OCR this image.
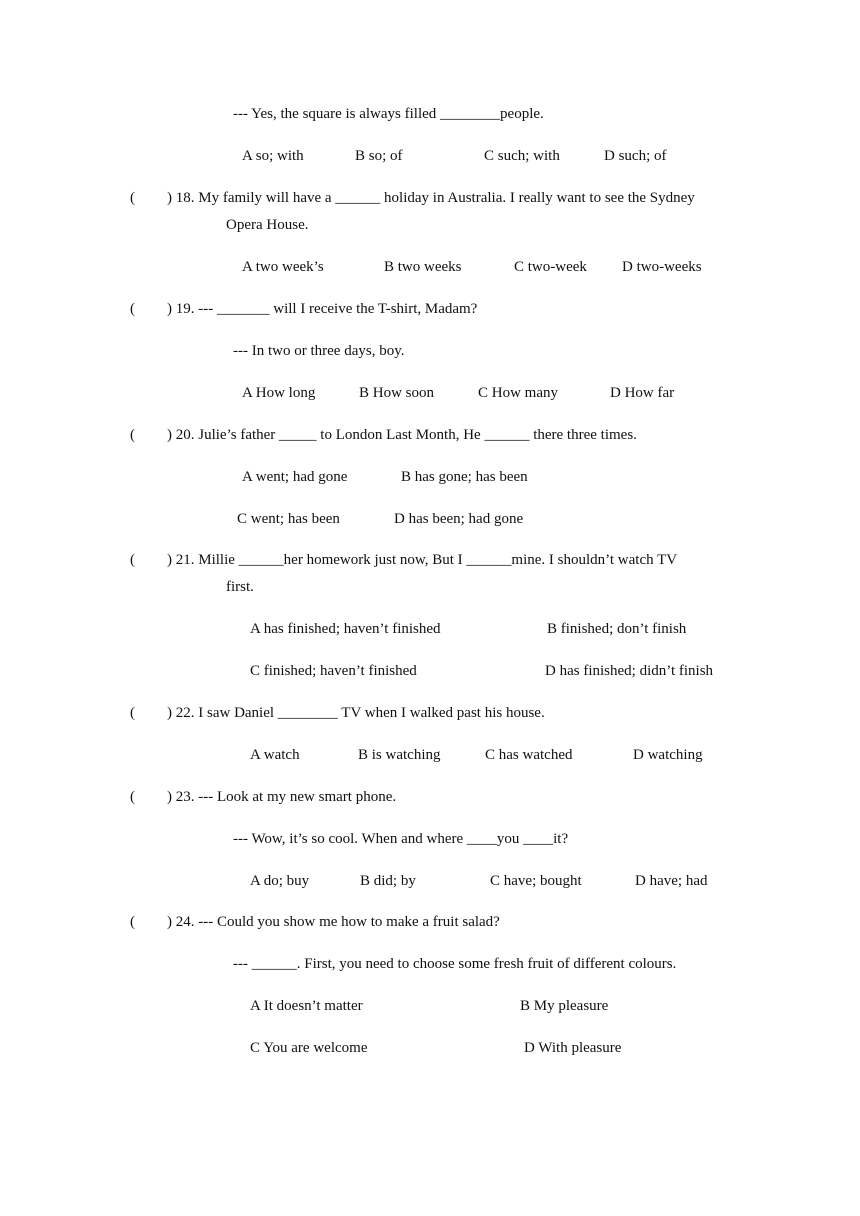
--- Yes, the square is always filled ________people.
A so; with	B so; of	C such; with	D such; of
( ) 18. My family will have a ______ holiday in Australia. I really want to see the Sydney
Opera House.
A two week’s	B two weeks	C two-week D two-weeks
( ) 19. --- _______ will I receive the T-shirt, Madam?
--- In two or three days, boy.
A How long	B How soon	C How many	D How far
( ) 20. Julie’s father _____ to London Last Month, He ______ there three times.
A went; had gone	B has gone; has been
C went; has been	D has been; had gone
( ) 21. Millie ______her homework just now, But I ______mine. I shouldn’t watch TV
first.
A has finished; haven’t finished	B finished; don’t finish
C finished; haven’t finished	D has finished; didn’t finish
( ) 22. I saw Daniel ________ TV when I walked past his house.
A watch	B is watching	C has watched	D watching
( ) 23. --- Look at my new smart phone.
--- Wow, it’s so cool. When and where ____you ____it?
A do; buy	B did; by	C have; bought	D have; had
( ) 24. --- Could you show me how to make a fruit salad?
--- ______. First, you need to choose some fresh fruit of different colours.
A It doesn’t matter	B My pleasure
C You are welcome	D With pleasure
